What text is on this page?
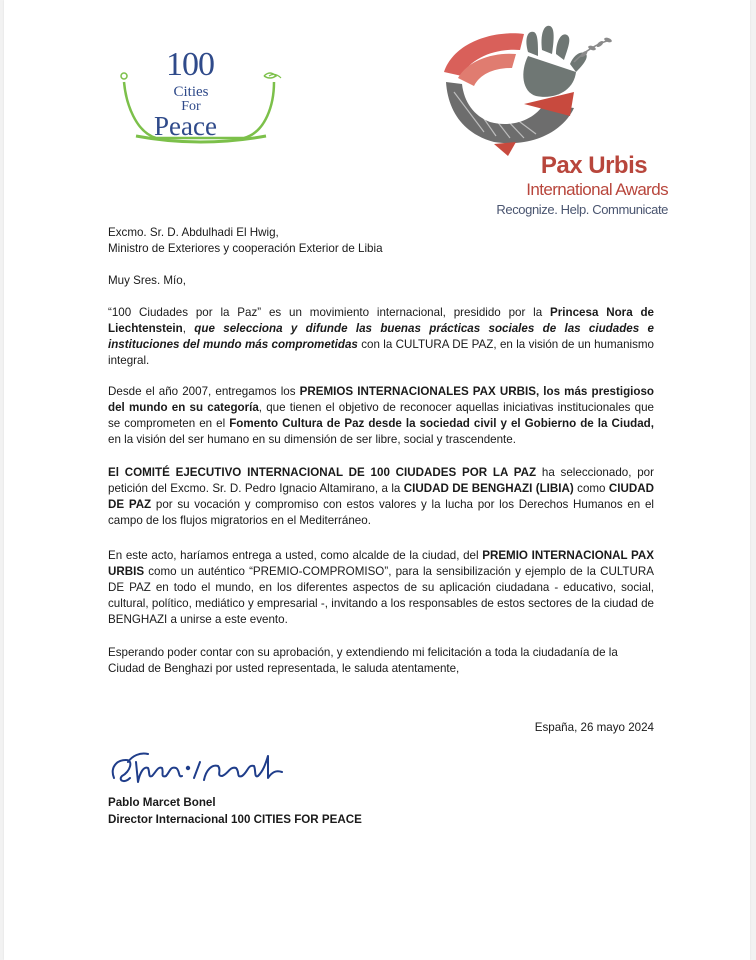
100
Cities
For
Peace
Pax Urbis
International Awards
Recognize. Help. Communicate
Excmo. Sr. D. Abdulhadi El Hwig,
Ministro de Exteriores y cooperación Exterior de Libia
Muy Sres. Mío,
“100 Ciudades por la Paz” es un movimiento internacional, presidido por la Princesa Nora de Liechtenstein, que selecciona y difunde las buenas prácticas sociales de las ciudades e instituciones del mundo más comprometidas con la CULTURA DE PAZ, en la visión de un humanismo integral.
Desde el año 2007, entregamos los PREMIOS INTERNACIONALES PAX URBIS, los más prestigioso del mundo en su categoría, que tienen el objetivo de reconocer aquellas iniciativas institucionales que se comprometen en el Fomento Cultura de Paz desde la sociedad civil y el Gobierno de la Ciudad, en la visión del ser humano en su dimensión de ser libre, social y trascendente.
El COMITÉ EJECUTIVO INTERNACIONAL DE 100 CIUDADES POR LA PAZ ha seleccionado, por petición del Excmo. Sr. D. Pedro Ignacio Altamirano, a la CIUDAD DE BENGHAZI (LIBIA) como CIUDAD DE PAZ por su vocación y compromiso con estos valores y la lucha por los Derechos Humanos en el campo de los flujos migratorios en el Mediterráneo.
En este acto, haríamos entrega a usted, como alcalde de la ciudad, del PREMIO INTERNACIONAL PAX URBIS como un auténtico “PREMIO-COMPROMISO”, para la sensibilización y ejemplo de la CULTURA DE PAZ en todo el mundo, en los diferentes aspectos de su aplicación ciudadana - educativo, social, cultural, político, mediático y empresarial -, invitando a los responsables de estos sectores de la ciudad de BENGHAZI a unirse a este evento.
Esperando poder contar con su aprobación, y extendiendo mi felicitación a toda la ciudadanía de la Ciudad de Benghazi por usted representada, le saluda atentamente,
España, 26 mayo 2024
Pablo Marcet Bonel
Director Internacional 100 CITIES FOR PEACE
